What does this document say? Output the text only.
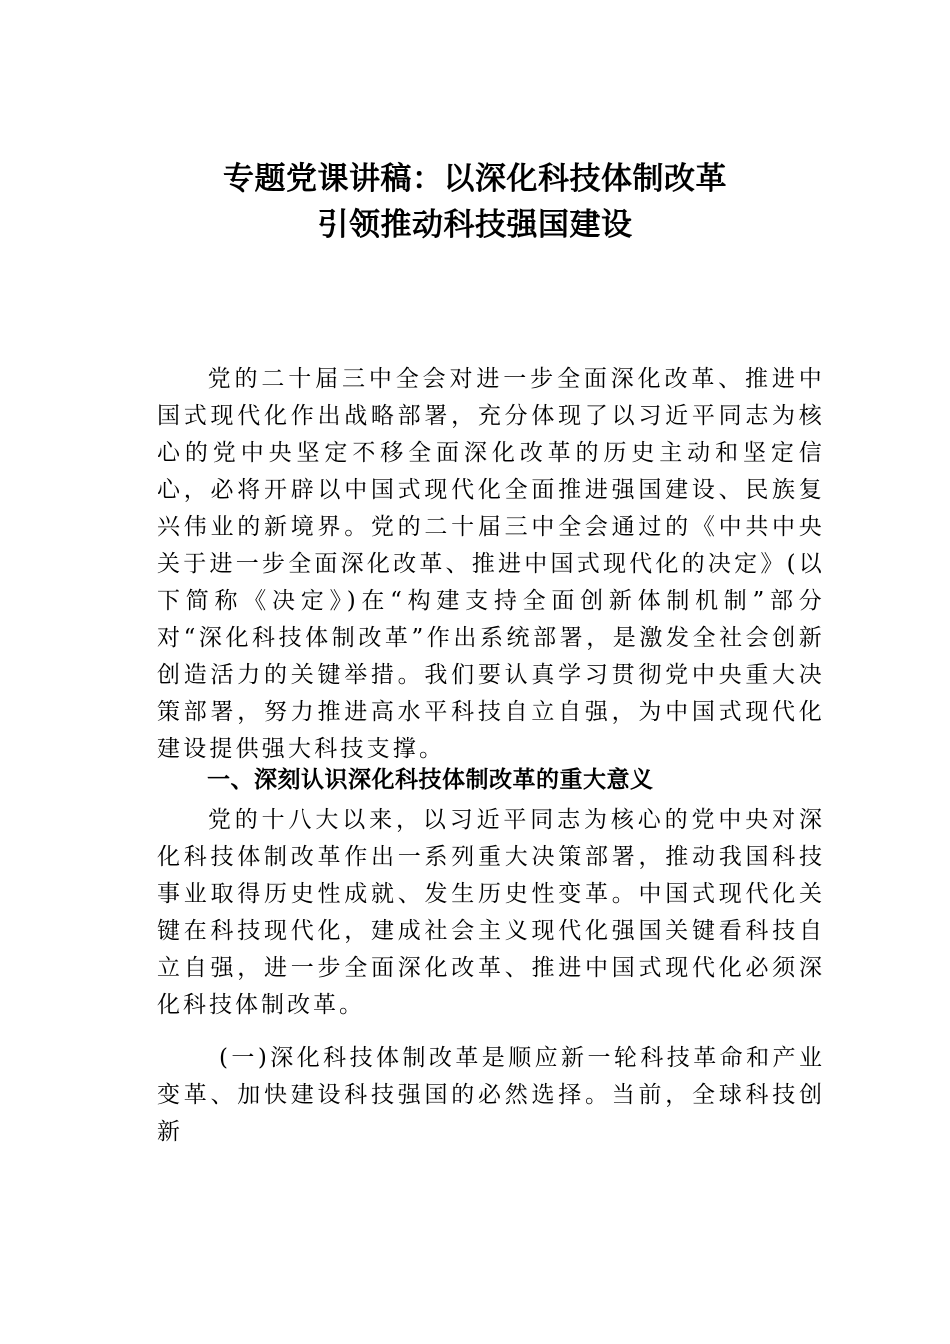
专题党课讲稿：以深化科技体制改革
引领推动科技强国建设

党的二十届三中全会对进一步全面深化改革、推进中国式现代化作出战略部署，充分体现了以习近平同志为核心的党中央坚定不移全面深化改革的历史主动和坚定信心，必将开辟以中国式现代化全面推进强国建设、民族复兴伟业的新境界。党的二十届三中全会通过的《中共中央关于进一步全面深化改革、推进中国式现代化的决定》(以下简称《决定》)在“构建支持全面创新体制机制”部分对“深化科技体制改革”作出系统部署，是激发全社会创新创造活力的关键举措。我们要认真学习贯彻党中央重大决策部署，努力推进高水平科技自立自强，为中国式现代化建设提供强大科技支撑。

一、深刻认识深化科技体制改革的重大意义

党的十八大以来，以习近平同志为核心的党中央对深化科技体制改革作出一系列重大决策部署，推动我国科技事业取得历史性成就、发生历史性变革。中国式现代化关键在科技现代化，建成社会主义现代化强国关键看科技自立自强，进一步全面深化改革、推进中国式现代化必须深化科技体制改革。

(一)深化科技体制改革是顺应新一轮科技革命和产业变革、加快建设科技强国的必然选择。当前，全球科技创新
